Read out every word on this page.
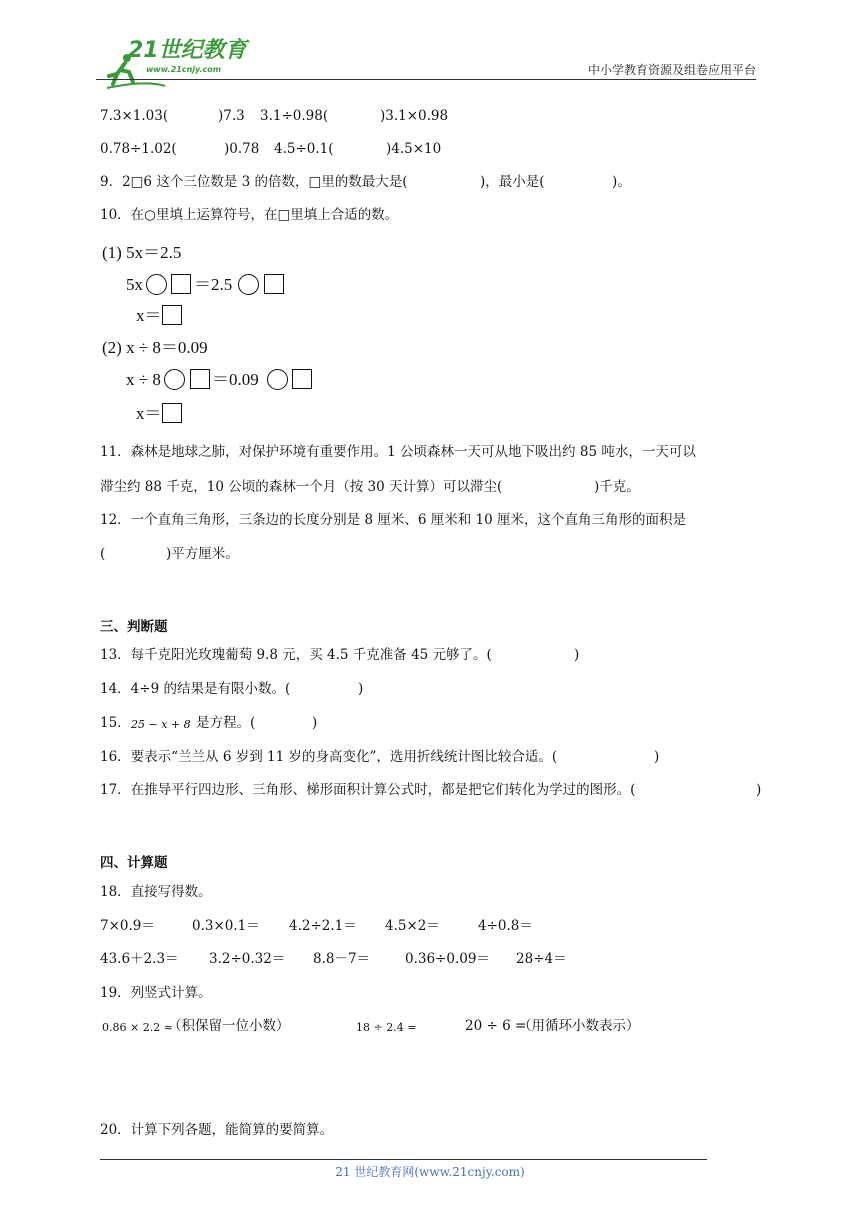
21世纪教育
www.21cnjy.com	中小学教育资源及组卷应用平台
7.3×1.03(	)7.3 3.1÷0.98(	)3.1×0.98
0.78÷1.02(	)0.78 4.5÷0.1(	)4.5×10
9．2□6 这个三位数是 3 的倍数，□里的数最大是(	)，最小是(	)。
10．在○里填上运算符号，在□里填上合适的数。
(1) 5x＝2.5
5x	＝2.5
x＝
(2) x ÷ 8＝0.09
x ÷ 8	＝0.09
x＝
11．森林是地球之肺，对保护环境有重要作用。1 公顷森林一天可从地下吸出约 85 吨水，一天可以
滞尘约 88 千克，10 公顷的森林一个月（按 30 天计算）可以滞尘(	)千克。
12．一个直角三角形，三条边的长度分别是 8 厘米、6 厘米和 10 厘米，这个直角三角形的面积是
(	)平方厘米。
三、判断题
13．每千克阳光玫瑰葡萄 9.8 元，买 4.5 千克准备 45 元够了。(	)
14．4÷9 的结果是有限小数。(	)
15． 25 − x + 8 是方程。(	)
16．要表示“兰兰从 6 岁到 11 岁的身高变化”，选用折线统计图比较合适。(	)
17．在推导平行四边形、三角形、梯形面积计算公式时，都是把它们转化为学过的图形。(	)
四、计算题
18．直接写得数。
7×0.9＝	0.3×0.1＝ 4.2÷2.1＝ 4.5×2＝	4÷0.8＝
43.6＋2.3＝ 3.2÷0.32＝ 8.8－7＝	0.36÷0.09＝ 28÷4＝
19．列竖式计算。
0.86 × 2.2 ≈
（积保留一位小数）	18 ÷ 2.4 =	20 ÷ 6 =
（用循环小数表示）
20．计算下列各题，能简算的要简算。
21 世纪教育网(www.21cnjy.com)
